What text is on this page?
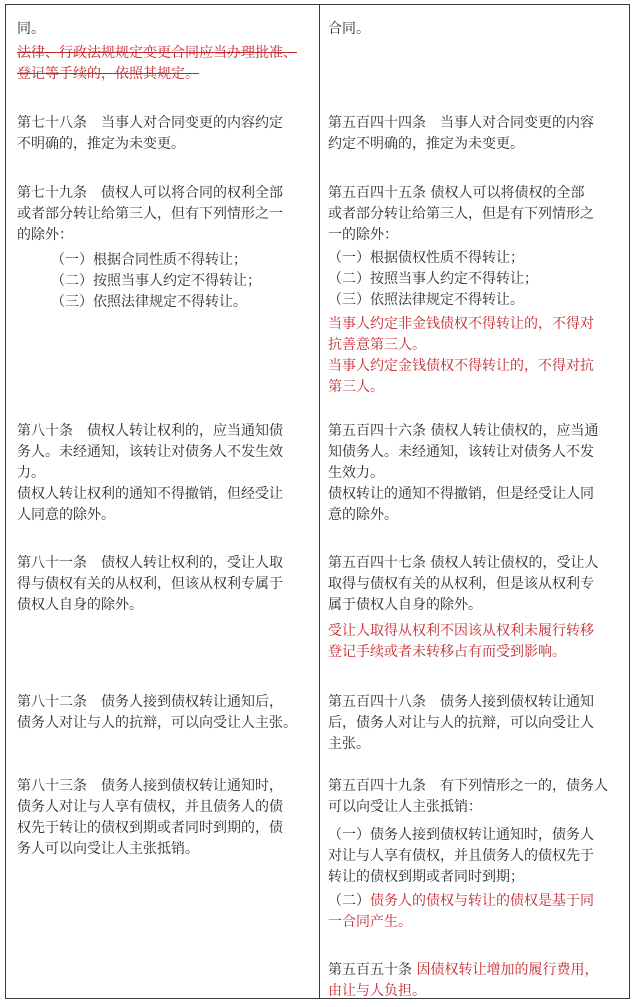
同。
法律、行政法规规定变更合同应当办理批准、
登记等手续的，依照其规定。
第七十八条　当事人对合同变更的内容约定
不明确的，推定为未变更。
第七十九条　债权人可以将合同的权利全部
或者部分转让给第三人，但有下列情形之一
的除外：
（一）根据合同性质不得转让；
（二）按照当事人约定不得转让；
（三）依照法律规定不得转让。
第八十条　债权人转让权利的，应当通知债
务人。未经通知，该转让对债务人不发生效
力。
债权人转让权利的通知不得撤销，但经受让
人同意的除外。
第八十一条　债权人转让权利的，受让人取
得与债权有关的从权利，但该从权利专属于
债权人自身的除外。
第八十二条　债务人接到债权转让通知后，
债务人对让与人的抗辩，可以向受让人主张。
第八十三条　债务人接到债权转让通知时，
债务人对让与人享有债权，并且债务人的债
权先于转让的债权到期或者同时到期的，债
务人可以向受让人主张抵销。
合同。
第五百四十四条　当事人对合同变更的内容
约定不明确的，推定为未变更。
第五百四十五条 债权人可以将债权的全部
或者部分转让给第三人，但是有下列情形之
一的除外：
（一）根据债权性质不得转让；
（二）按照当事人约定不得转让；
（三）依照法律规定不得转让。
当事人约定非金钱债权不得转让的，不得对
抗善意第三人。
当事人约定金钱债权不得转让的，不得对抗
第三人。
第五百四十六条 债权人转让债权的，应当通
知债务人。未经通知，该转让对债务人不发
生效力。
债权转让的通知不得撤销，但是经受让人同
意的除外。
第五百四十七条 债权人转让债权的，受让人
取得与债权有关的从权利，但是该从权利专
属于债权人自身的除外。
受让人取得从权利不因该从权利未履行转移
登记手续或者未转移占有而受到影响。
第五百四十八条　债务人接到债权转让通知
后，债务人对让与人的抗辩，可以向受让人
主张。
第五百四十九条　有下列情形之一的，债务人
可以向受让人主张抵销：
（一）债务人接到债权转让通知时，债务人
对让与人享有债权，并且债务人的债权先于
转让的债权到期或者同时到期；
（二）债务人的债权与转让的债权是基于同
一合同产生。
第五百五十条 因债权转让增加的履行费用，
由让与人负担。
